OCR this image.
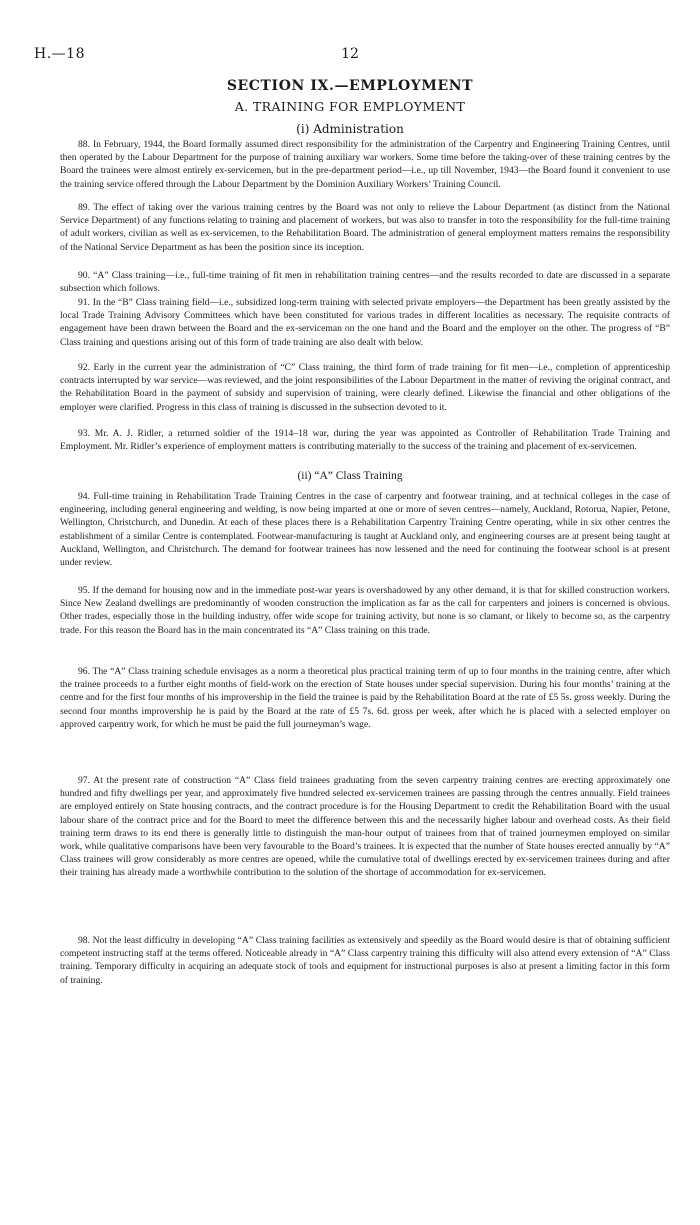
H.—18	12
SECTION IX.—EMPLOYMENT
A. TRAINING FOR EMPLOYMENT
(i) Administration

88. In February, 1944, the Board formally assumed direct responsibility for the administration of the Carpentry and Engineering Training Centres, until then operated by the Labour Department for the purpose of training auxiliary war workers. Some time before the taking-over of these training centres by the Board the trainees were almost entirely ex-servicemen, but in the pre-department period—i.e., up till November, 1943—the Board found it convenient to use the training service offered through the Labour Department by the Dominion Auxiliary Workers’ Training Council.

89. The effect of taking over the various training centres by the Board was not only to relieve the Labour Department (as distinct from the National Service Department) of any functions relating to training and placement of workers, but was also to transfer in toto the responsibility for the full-time training of adult workers, civilian as well as ex-servicemen, to the Rehabilitation Board. The administration of general employment matters remains the responsibility of the National Service Department as has been the position since its inception.

90. “A” Class training—i.e., full-time training of fit men in rehabilitation training centres—and the results recorded to date are discussed in a separate subsection which follows.

91. In the “B” Class training field—i.e., subsidized long-term training with selected private employers—the Department has been greatly assisted by the local Trade Training Advisory Committees which have been constituted for various trades in different localities as necessary. The requisite contracts of engagement have been drawn between the Board and the ex-serviceman on the one hand and the Board and the employer on the other. The progress of “B” Class training and questions arising out of this form of trade training are also dealt with below.

92. Early in the current year the administration of “C” Class training, the third form of trade training for fit men—i.e., completion of apprenticeship contracts interrupted by war service—was reviewed, and the joint responsibilities of the Labour Department in the matter of reviving the original contract, and the Rehabilitation Board in the payment of subsidy and supervision of training, were clearly defined. Likewise the financial and other obligations of the employer were clarified. Progress in this class of training is discussed in the subsection devoted to it.

93. Mr. A. J. Ridler, a returned soldier of the 1914–18 war, during the year was appointed as Controller of Rehabilitation Trade Training and Employment. Mr. Ridler’s experience of employment matters is contributing materially to the success of the training and placement of ex-servicemen.

(ii) “A” Class Training

94. Full-time training in Rehabilitation Trade Training Centres in the case of carpentry and footwear training, and at technical colleges in the case of engineering, including general engineering and welding, is now being imparted at one or more of seven centres—namely, Auckland, Rotorua, Napier, Petone, Wellington, Christchurch, and Dunedin. At each of these places there is a Rehabilitation Carpentry Training Centre operating, while in six other centres the establishment of a similar Centre is contemplated. Footwear-manufacturing is taught at Auckland only, and engineering courses are at present being taught at Auckland, Wellington, and Christchurch. The demand for footwear trainees has now lessened and the need for continuing the footwear school is at present under review.

95. If the demand for housing now and in the immediate post-war years is overshadowed by any other demand, it is that for skilled construction workers. Since New Zealand dwellings are predominantly of wooden construction the implication as far as the call for carpenters and joiners is concerned is obvious. Other trades, especially those in the building industry, offer wide scope for training activity, but none is so clamant, or likely to become so, as the carpentry trade. For this reason the Board has in the main concentrated its “A” Class training on this trade.

96. The “A” Class training schedule envisages as a norm a theoretical plus practical training term of up to four months in the training centre, after which the trainee proceeds to a further eight months of field-work on the erection of State houses under special supervision. During his four months’ training at the centre and for the first four months of his improvership in the field the trainee is paid by the Rehabilitation Board at the rate of £5 5s. gross weekly. During the second four months improvership he is paid by the Board at the rate of £5 7s. 6d. gross per week, after which he is placed with a selected employer on approved carpentry work, for which he must be paid the full journeyman’s wage.

97. At the present rate of construction “A” Class field trainees graduating from the seven carpentry training centres are erecting approximately one hundred and fifty dwellings per year, and approximately five hundred selected ex-servicemen trainees are passing through the centres annually. Field trainees are employed entirely on State housing contracts, and the contract procedure is for the Housing Department to credit the Rehabilitation Board with the usual labour share of the contract price and for the Board to meet the difference between this and the necessarily higher labour and overhead costs. As their field training term draws to its end there is generally little to distinguish the man-hour output of trainees from that of trained journeymen employed on similar work, while qualitative comparisons have been very favourable to the Board’s trainees. It is expected that the number of State houses erected annually by “A” Class trainees will grow considerably as more centres are opened, while the cumulative total of dwellings erected by ex-servicemen trainees during and after their training has already made a worthwhile contribution to the solution of the shortage of accommodation for ex-servicemen.

98. Not the least difficulty in developing “A” Class training facilities as extensively and speedily as the Board would desire is that of obtaining sufficient competent instructing staff at the terms offered. Noticeable already in “A” Class carpentry training this difficulty will also attend every extension of “A” Class training. Temporary difficulty in acquiring an adequate stock of tools and equipment for instructional purposes is also at present a limiting factor in this form of training.
